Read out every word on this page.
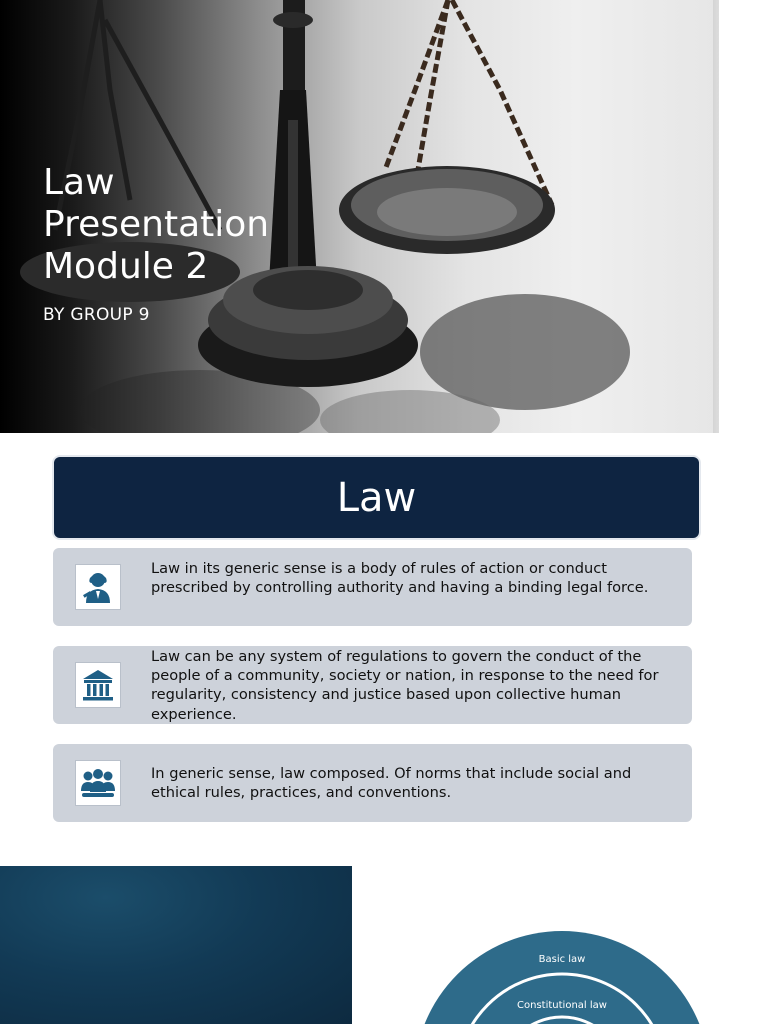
Law
Presentation
Module 2
BY GROUP 9
Law
Law in its generic sense is a body of rules of action or conduct prescribed by controlling authority and having a binding legal force.
Law can be any system of regulations to govern the conduct of the people of a community, society or nation, in response to the need for regularity, consistency and justice based upon collective human experience.
In generic sense, law composed. Of norms that include social and ethical rules, practices, and conventions.
Basic law
Constitutional law
